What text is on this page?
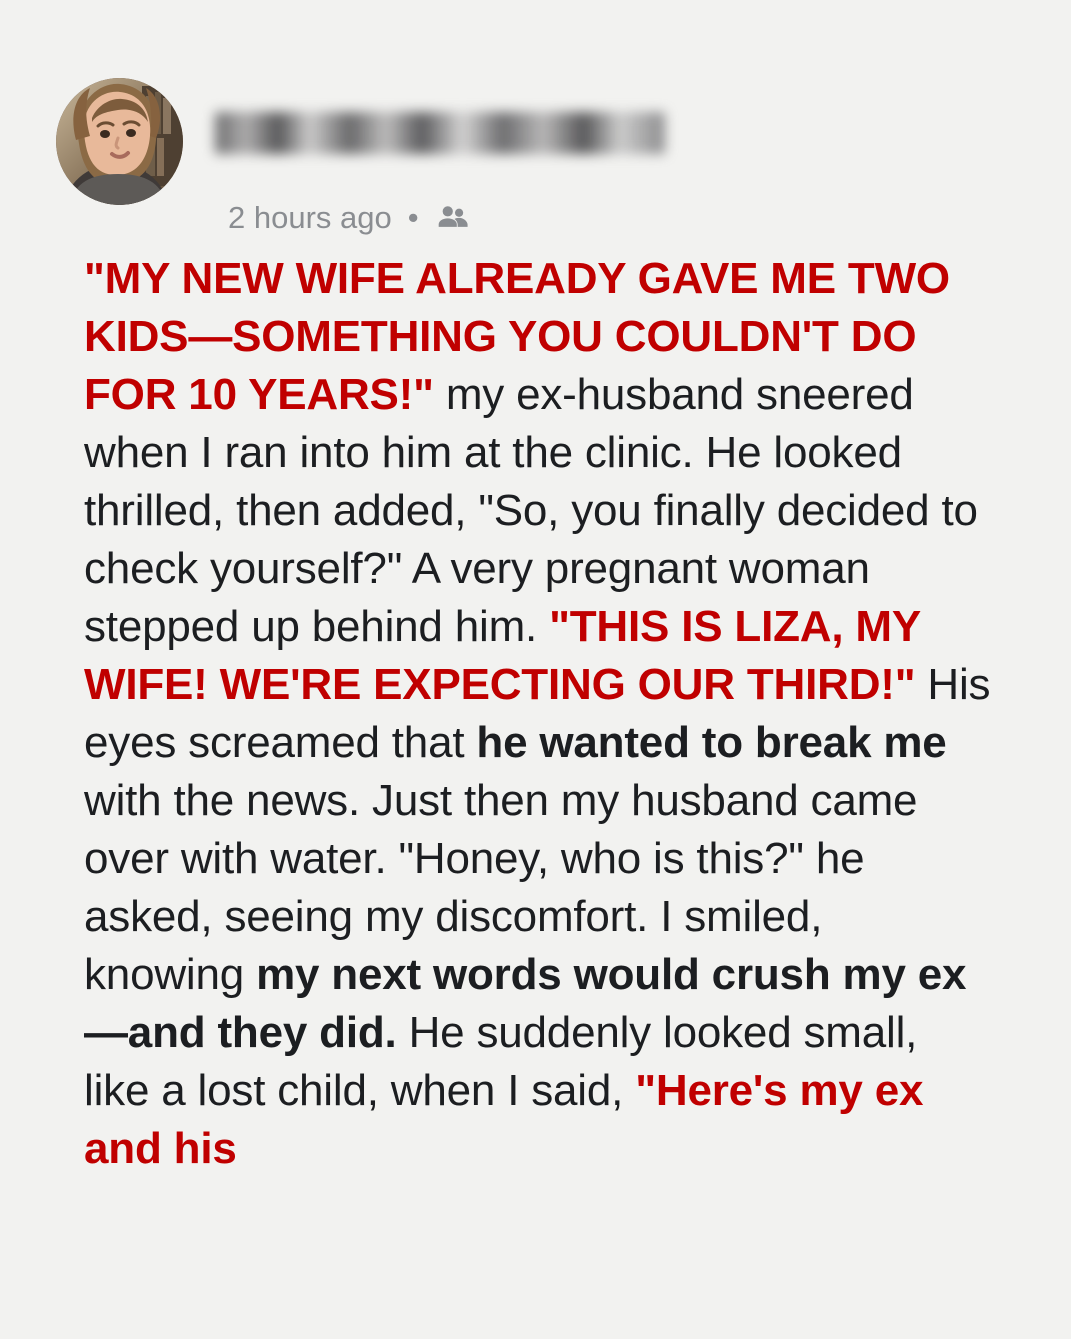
2 hours ago •
"MY NEW WIFE ALREADY GAVE ME TWO KIDS—SOMETHING YOU COULDN'T DO FOR 10 YEARS!" my ex-husband sneered when I ran into him at the clinic. He looked thrilled, then added, "So, you finally decided to check yourself?" A very pregnant woman stepped up behind him. "THIS IS LIZA, MY WIFE! WE'RE EXPECTING OUR THIRD!" His eyes screamed that he wanted to break me with the news. Just then my husband came over with water. "Honey, who is this?" he asked, seeing my discomfort. I smiled, knowing my next words would crush my ex—and they did. He suddenly looked small, like a lost child, when I said, "Here's my ex and his
